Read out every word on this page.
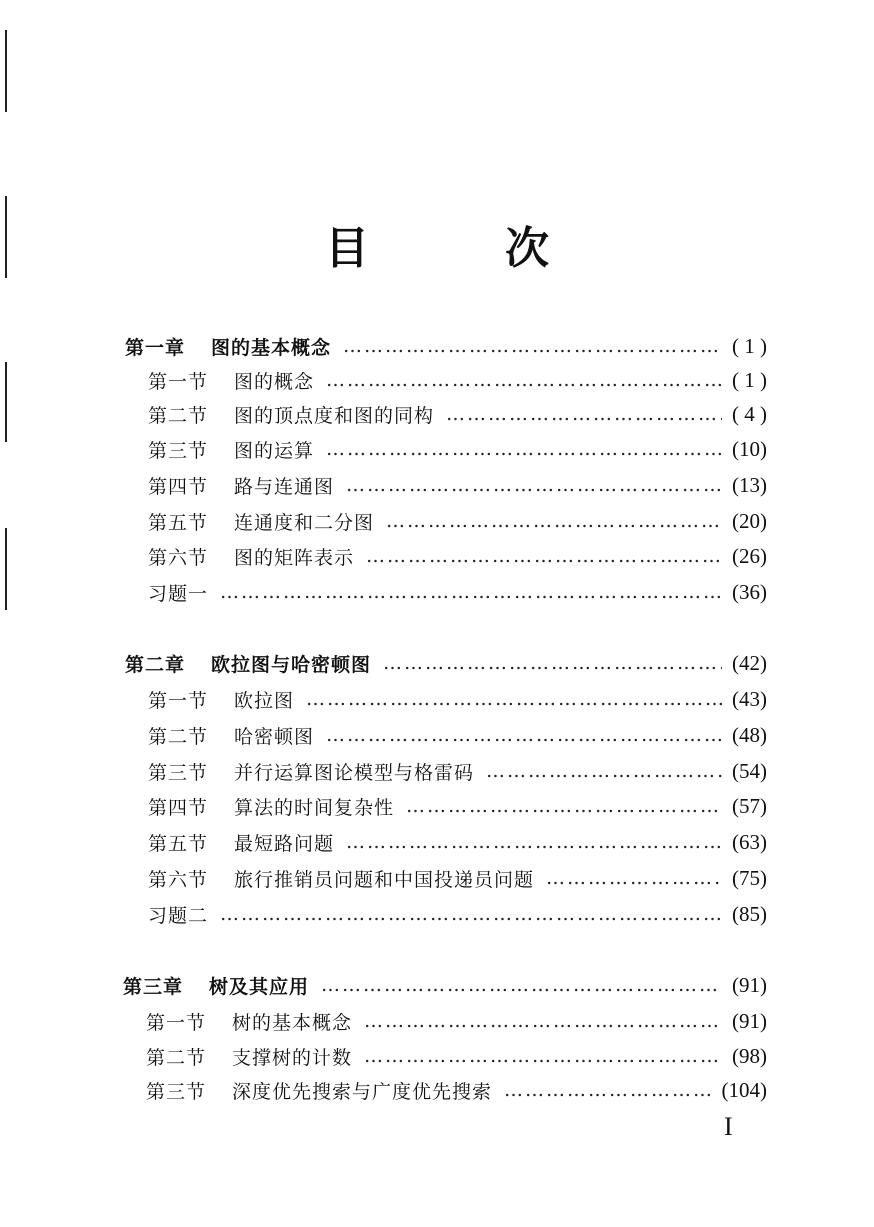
目　次
第一章 图的基本概念 ……………………………………………………………………………………………………………………………………………………………………………………	( 1 )
第一节 图的概念 ……………………………………………………………………………………………………………………………………………………………………………………	( 1 )
第二节 图的顶点度和图的同构 ……………………………………………………………………………………………………………………………………………………………………………………	( 4 )
第三节 图的运算 ……………………………………………………………………………………………………………………………………………………………………………………	(10)
第四节 路与连通图 ……………………………………………………………………………………………………………………………………………………………………………………	(13)
第五节 连通度和二分图 ……………………………………………………………………………………………………………………………………………………………………………………	(20)
第六节 图的矩阵表示 ……………………………………………………………………………………………………………………………………………………………………………………	(26)
习题一 ……………………………………………………………………………………………………………………………………………………………………………………	(36)
第二章 欧拉图与哈密顿图 ……………………………………………………………………………………………………………………………………………………………………………………	(42)
第一节 欧拉图 ……………………………………………………………………………………………………………………………………………………………………………………	(43)
第二节 哈密顿图 ……………………………………………………………………………………………………………………………………………………………………………………	(48)
第三节 并行运算图论模型与格雷码 ……………………………………………………………………………………………………………………………………………………………………………………	(54)
第四节 算法的时间复杂性 ……………………………………………………………………………………………………………………………………………………………………………………	(57)
第五节 最短路问题 ……………………………………………………………………………………………………………………………………………………………………………………	(63)
第六节 旅行推销员问题和中国投递员问题 ……………………………………………………………………………………………………………………………………………………………………………………	(75)
习题二 ……………………………………………………………………………………………………………………………………………………………………………………	(85)
第三章 树及其应用 ……………………………………………………………………………………………………………………………………………………………………………………	(91)
第一节 树的基本概念 ……………………………………………………………………………………………………………………………………………………………………………………	(91)
第二节 支撑树的计数 ……………………………………………………………………………………………………………………………………………………………………………………	(98)
第三节 深度优先搜索与广度优先搜索 ……………………………………………………………………………………………………………………………………………………………………………………	(104)
I
